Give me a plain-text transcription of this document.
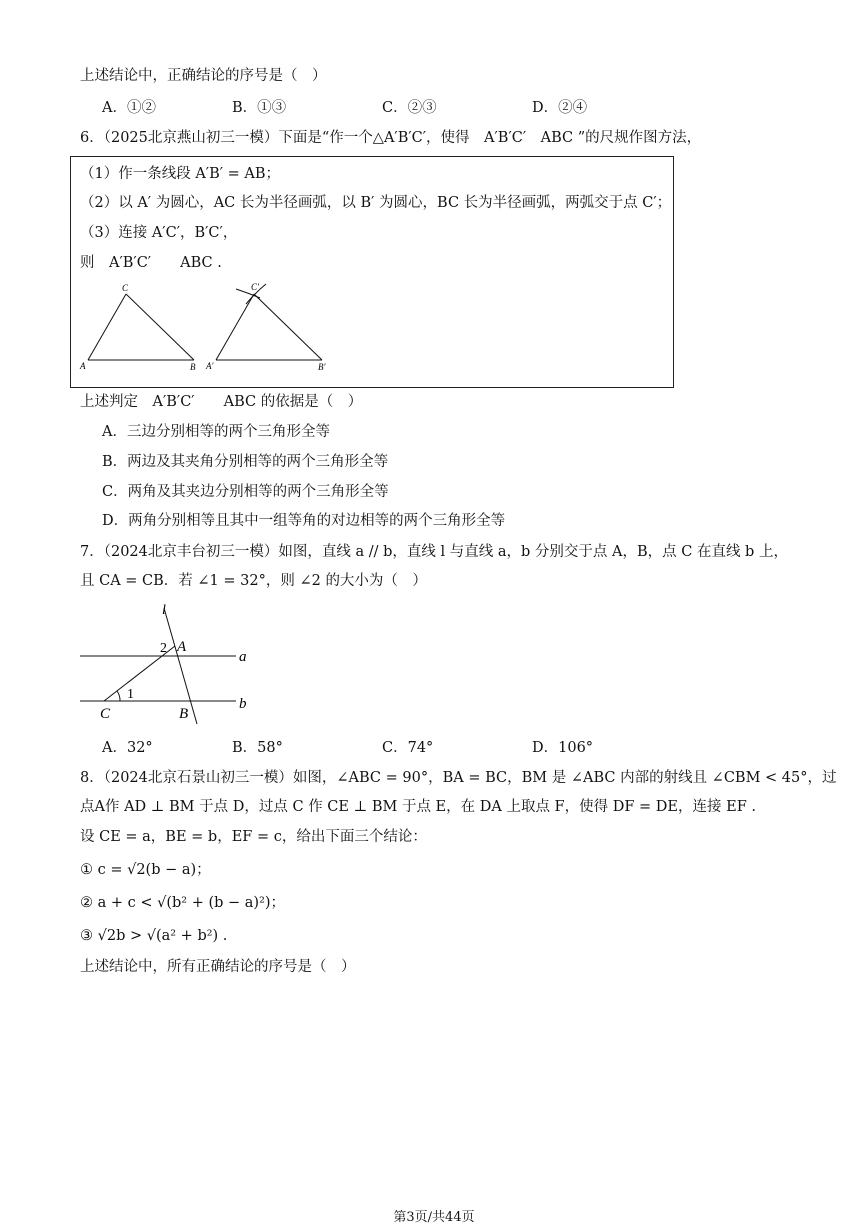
上述结论中，正确结论的序号是（　）
A．①②	B．①③	C．②③	D．②④
6．（2025北京燕山初三一模）下面是“作一个△A′B′C′，使得　A′B′C′　ABC ”的尺规作图方法，
（1）作一条线段 A′B′ = AB；
（2）以 A′ 为圆心，AC 长为半径画弧，以 B′ 为圆心，BC 长为半径画弧，两弧交于点 C′；
（3）连接 A′C′，B′C′，
则　A′B′C′　　ABC .
A	B
C
A′	B′
C′
上述判定　A′B′C′　　ABC 的依据是（　）
A．三边分别相等的两个三角形全等
B．两边及其夹角分别相等的两个三角形全等
C．两角及其夹边分别相等的两个三角形全等
D．两角分别相等且其中一组等角的对边相等的两个三角形全等
7．（2024北京丰台初三一模）如图，直线 a // b，直线 l 与直线 a，b 分别交于点 A，B，点 C 在直线 b 上，
且 CA = CB．若 ∠1 = 32°，则 ∠2 的大小为（　）
l
a
b
A
B
C
1
2
A．32°	B．58°	C．74°	D．106°
8．（2024北京石景山初三一模）如图，∠ABC = 90°，BA = BC，BM 是 ∠ABC 内部的射线且 ∠CBM < 45°，过
点A作 AD ⊥ BM 于点 D，过点 C 作 CE ⊥ BM 于点 E，在 DA 上取点 F，使得 DF = DE，连接 EF .
设 CE = a，BE = b，EF = c，给出下面三个结论：
① c = √2(b − a)；
② a + c < √(b² + (b − a)²)；
③ √2b > √(a² + b²) .
上述结论中，所有正确结论的序号是（　）
第3页/共44页
